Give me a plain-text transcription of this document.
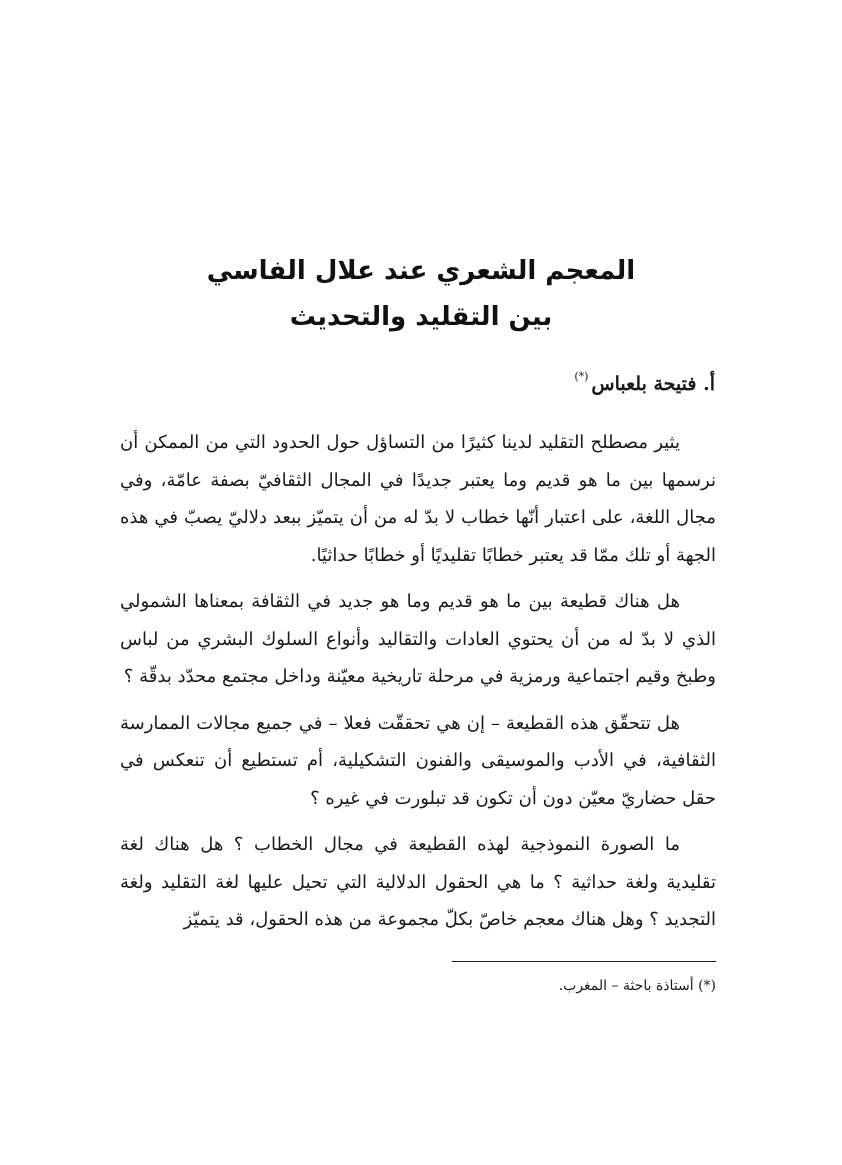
المعجم الشعري عند علال الفاسي
بين التقليد والتحديث
أ. فتيحة بلعباس(*)

يثير مصطلح التقليد لدينا كثيرًا من التساؤل حول الحدود التي من الممكن أن نرسمها بين ما هو قديم وما يعتبر جديدًا في المجال الثقافيّ بصفة عامّة، وفي مجال اللغة، على اعتبار أنّها خطاب لا بدّ له من أن يتميّز ببعد دلاليّ يصبّ في هذه الجهة أو تلك ممّا قد يعتبر خطابًا تقليديًا أو خطابًا حداثيًا.

هل هناك قطيعة بين ما هو قديم وما هو جديد في الثقافة بمعناها الشمولي الذي لا بدّ له من أن يحتوي العادات والتقاليد وأنواع السلوك البشري من لباس وطبخ وقيم اجتماعية ورمزية في مرحلة تاريخية معيّنة وداخل مجتمع محدّد بدقّة ؟

هل تتحقّق هذه القطيعة – إن هي تحققّت فعلا – في جميع مجالات الممارسة الثقافية، في الأدب والموسيقى والفنون التشكيلية، أم تستطيع أن تنعكس في حقل حضاريّ معيّن دون أن تكون قد تبلورت في غيره ؟

ما الصورة النموذجية لهذه القطيعة في مجال الخطاب ؟ هل هناك لغة تقليدية ولغة حداثية ؟ ما هي الحقول الدلالية التي تحيل عليها لغة التقليد ولغة التجديد ؟ وهل هناك معجم خاصّ بكلّ مجموعة من هذه الحقول، قد يتميّز

(*) أستاذة باحثة – المغرب.
